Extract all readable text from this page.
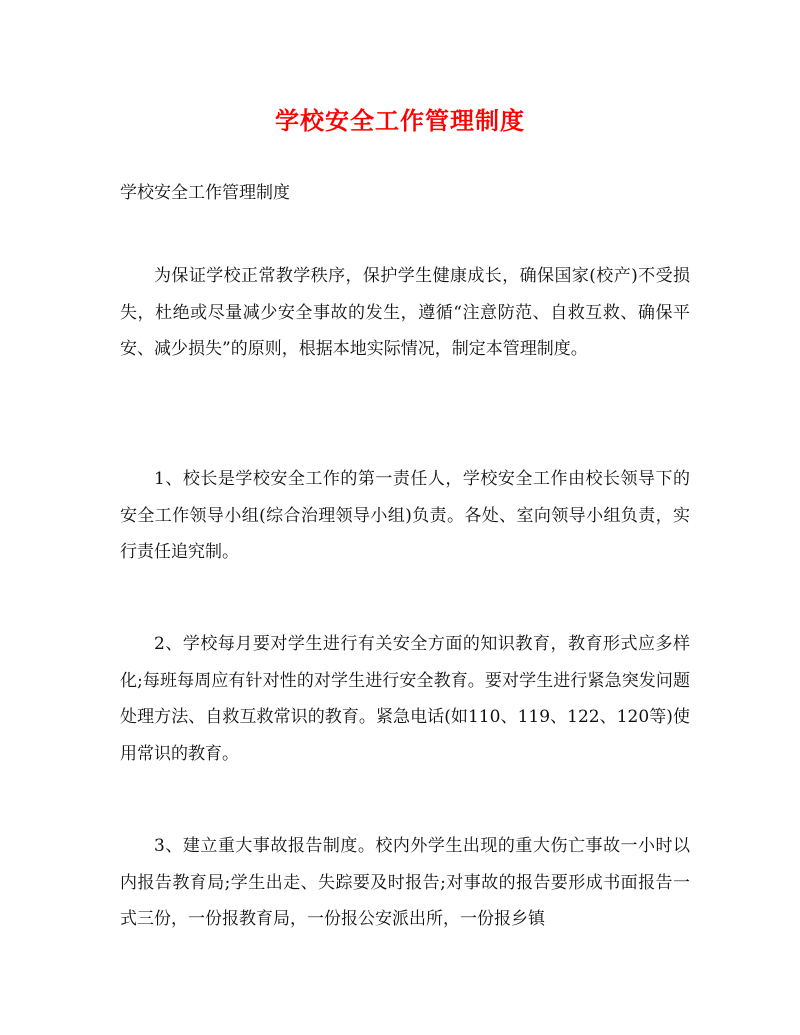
学校安全工作管理制度
学校安全工作管理制度

为保证学校正常教学秩序，保护学生健康成长，确保国家(校产)不受损失，杜绝或尽量减少安全事故的发生，遵循“注意防范、自救互救、确保平安、减少损失”的原则，根据本地实际情况，制定本管理制度。

1、校长是学校安全工作的第一责任人，学校安全工作由校长领导下的安全工作领导小组(综合治理领导小组)负责。各处、室向领导小组负责，实行责任追究制。

2、学校每月要对学生进行有关安全方面的知识教育，教育形式应多样化;每班每周应有针对性的对学生进行安全教育。要对学生进行紧急突发问题处理方法、自救互救常识的教育。紧急电话(如110、119、122、120等)使用常识的教育。

3、建立重大事故报告制度。校内外学生出现的重大伤亡事故一小时以内报告教育局;学生出走、失踪要及时报告;对事故的报告要形成书面报告一式三份，一份报教育局，一份报公安派出所，一份报乡镇
